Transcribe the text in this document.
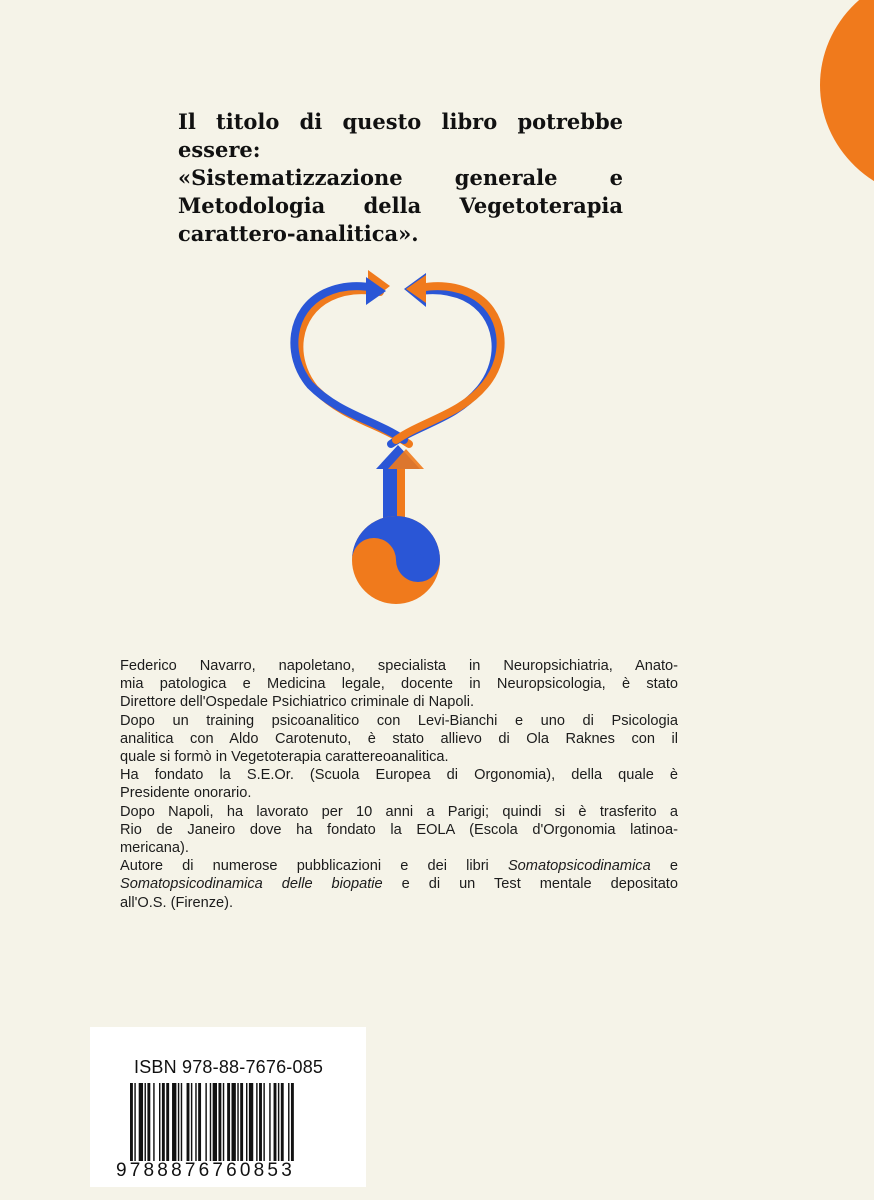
Il titolo di questo libro potrebbe essere:
«Sistematizzazione generale e
Metodologia della Vegetoterapia
carattero-analitica».

Federico Navarro, napoletano, specialista in Neuropsichiatria, Anato-
mia patologica e Medicina legale, docente in Neuropsicologia, è stato
Direttore dell'Ospedale Psichiatrico criminale di Napoli.

Dopo un training psicoanalitico con Levi-Bianchi e uno di Psicologia
analitica con Aldo Carotenuto, è stato allievo di Ola Raknes con il
quale si formò in Vegetoterapia carattereoanalitica.

Ha fondato la S.E.Or. (Scuola Europea di Orgonomia), della quale è
Presidente onorario.

Dopo Napoli, ha lavorato per 10 anni a Parigi; quindi si è trasferito a
Rio de Janeiro dove ha fondato la EOLA (Escola d'Orgonomia latinoa-
mericana).

Autore di numerose pubblicazioni e dei libri Somatopsicodinamica e
Somatopsicodinamica delle biopatie e di un Test mentale depositato
all'O.S. (Firenze).

ISBN 978-88-7676-085
9788876760853
